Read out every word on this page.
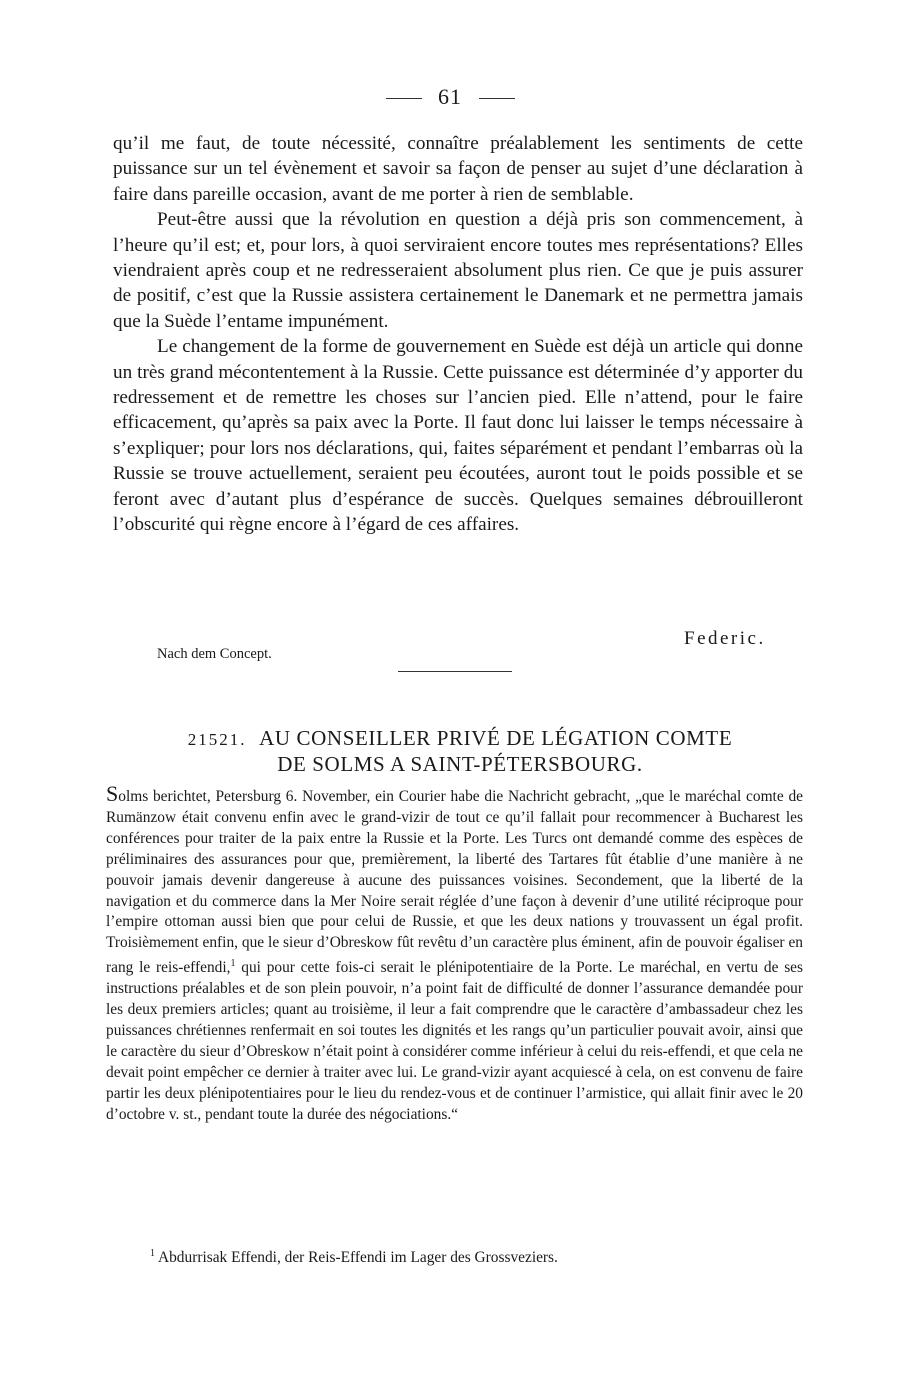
61

qu’il me faut, de toute nécessité, connaître préalablement les sentiments de cette puissance sur un tel évènement et savoir sa façon de penser au sujet d’une déclaration à faire dans pareille occasion, avant de me porter à rien de semblable.

Peut-être aussi que la révolution en question a déjà pris son commencement, à l’heure qu’il est; et, pour lors, à quoi serviraient encore toutes mes représentations? Elles viendraient après coup et ne redresseraient absolument plus rien. Ce que je puis assurer de positif, c’est que la Russie assistera certainement le Danemark et ne permettra jamais que la Suède l’entame impunément.

Le changement de la forme de gouvernement en Suède est déjà un article qui donne un très grand mécontentement à la Russie. Cette puissance est déterminée d’y apporter du redressement et de remettre les choses sur l’ancien pied. Elle n’attend, pour le faire efficacement, qu’après sa paix avec la Porte. Il faut donc lui laisser le temps nécessaire à s’expliquer; pour lors nos déclarations, qui, faites séparément et pendant l’embarras où la Russie se trouve actuellement, seraient peu écoutées, auront tout le poids possible et se feront avec d’autant plus d’espérance de succès. Quelques semaines débrouilleront l’obscurité qui règne encore à l’égard de ces affaires.

Federic.
Nach dem Concept.
21521. AU CONSEILLER PRIVÉ DE LÉGATION COMTE
DE SOLMS A SAINT-PÉTERSBOURG.

Solms berichtet, Petersburg 6. November, ein Courier habe die Nachricht gebracht, „que le maréchal comte de Rumänzow était convenu enfin avec le grand-vizir de tout ce qu’il fallait pour recommencer à Bucharest les conférences pour traiter de la paix entre la Russie et la Porte. Les Turcs ont demandé comme des espèces de préliminaires des assurances pour que, premièrement, la liberté des Tartares fût établie d’une manière à ne pouvoir jamais devenir dangereuse à aucune des puissances voisines. Secondement, que la liberté de la navigation et du commerce dans la Mer Noire serait réglée d’une façon à devenir d’une utilité réciproque pour l’empire ottoman aussi bien que pour celui de Russie, et que les deux nations y trouvassent un égal profit. Troisièmement enfin, que le sieur d’Obreskow fût revêtu d’un caractère plus éminent, afin de pouvoir égaliser en rang le reis-effendi,$^1$ qui pour cette fois-ci serait le plénipotentiaire de la Porte. Le maréchal, en vertu de ses instructions préalables et de son plein pouvoir, n’a point fait de difficulté de donner l’assurance demandée pour les deux premiers articles; quant au troisième, il leur a fait comprendre que le caractère d’ambassadeur chez les puissances chrétiennes renfermait en soi toutes les dignités et les rangs qu’un particulier pouvait avoir, ainsi que le caractère du sieur d’Obreskow n’était point à considérer comme inférieur à celui du reis-effendi, et que cela ne devait point empêcher ce dernier à traiter avec lui. Le grand-vizir ayant acquiescé à cela, on est convenu de faire partir les deux plénipotentiaires pour le lieu du rendez-vous et de continuer l’armistice, qui allait finir avec le 20 d’octobre v. st., pendant toute la durée des négociations.“

$^1$ Abdurrisak Effendi, der Reis-Effendi im Lager des Grossveziers.
